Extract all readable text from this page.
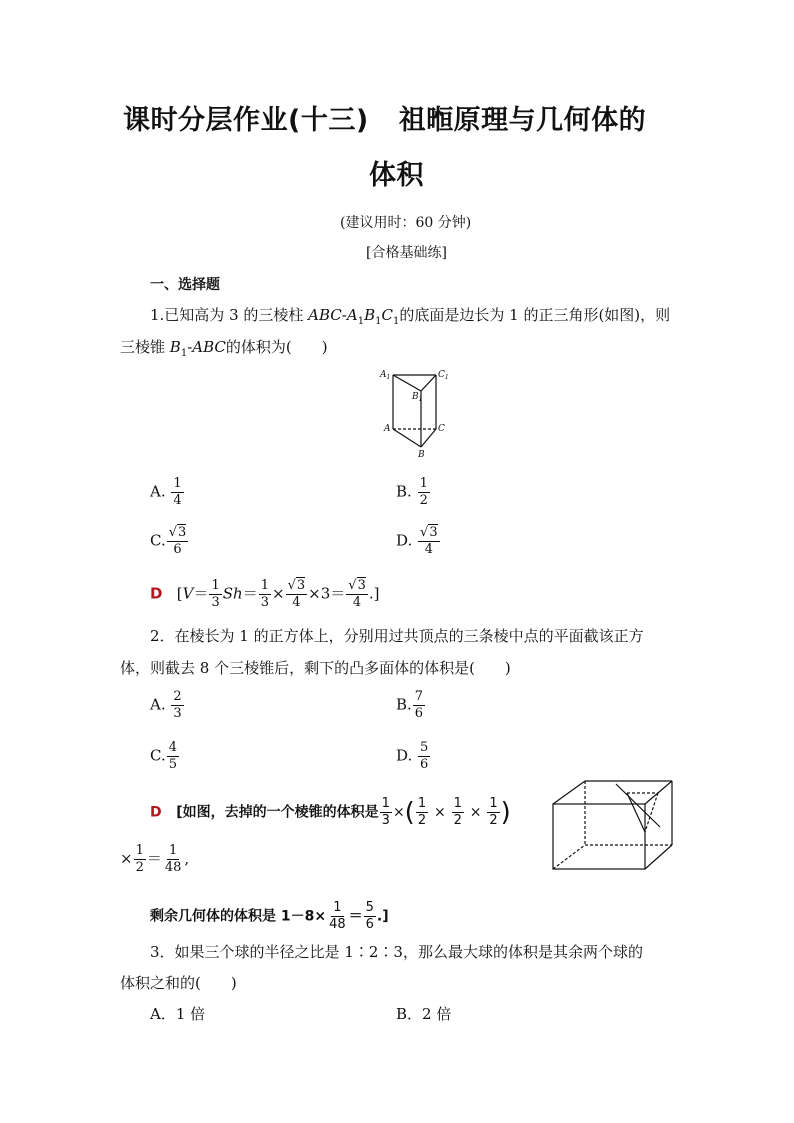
课时分层作业(十三) 祖暅原理与几何体的
体积
(建议用时：60 分钟)
[合格基础练]
一、选择题
1.已知高为 3 的三棱柱 ABC-$A_1B_1C_1$的底面是边长为 1 的正三角形(如图)，则
三棱锥 $B_1$-ABC的体积为(　　)
$A_1$	$C_1$
$B_1$
A	C
B
A. $\frac{1}{4}$	B. $\frac{1}{2}$
C. $\frac{√3}{6}$	D. $\frac{√3}{4}$
D [$V= \frac{1}{3} Sh= \frac{1}{3} \times \frac{√3}{4} \times 3= \frac{√3}{4}$ .]
2．在棱长为 1 的正方体上，分别用过共顶点的三条棱中点的平面截该正方
体，则截去 8 个三棱锥后，剩下的凸多面体的体积是(　　)
A. $\frac{2}{3}$	B. $\frac{7}{6}$
C. $\frac{4}{5}$	D. $\frac{5}{6}$
D [如图，去掉的一个棱锥的体积是 $\frac{1}{3}$ ×( $\frac{1}{2} \times \frac{1}{2} \times \frac{1}{2}$ )
× $\frac{1}{2} = \frac{1}{48}$ ,
剩余几何体的体积是 $1-8\times \frac{1}{48} = \frac{5}{6}$ .]
3．如果三个球的半径之比是 1∶2∶3，那么最大球的体积是其余两个球的
体积之和的(　　)
A．1 倍	B．2 倍
